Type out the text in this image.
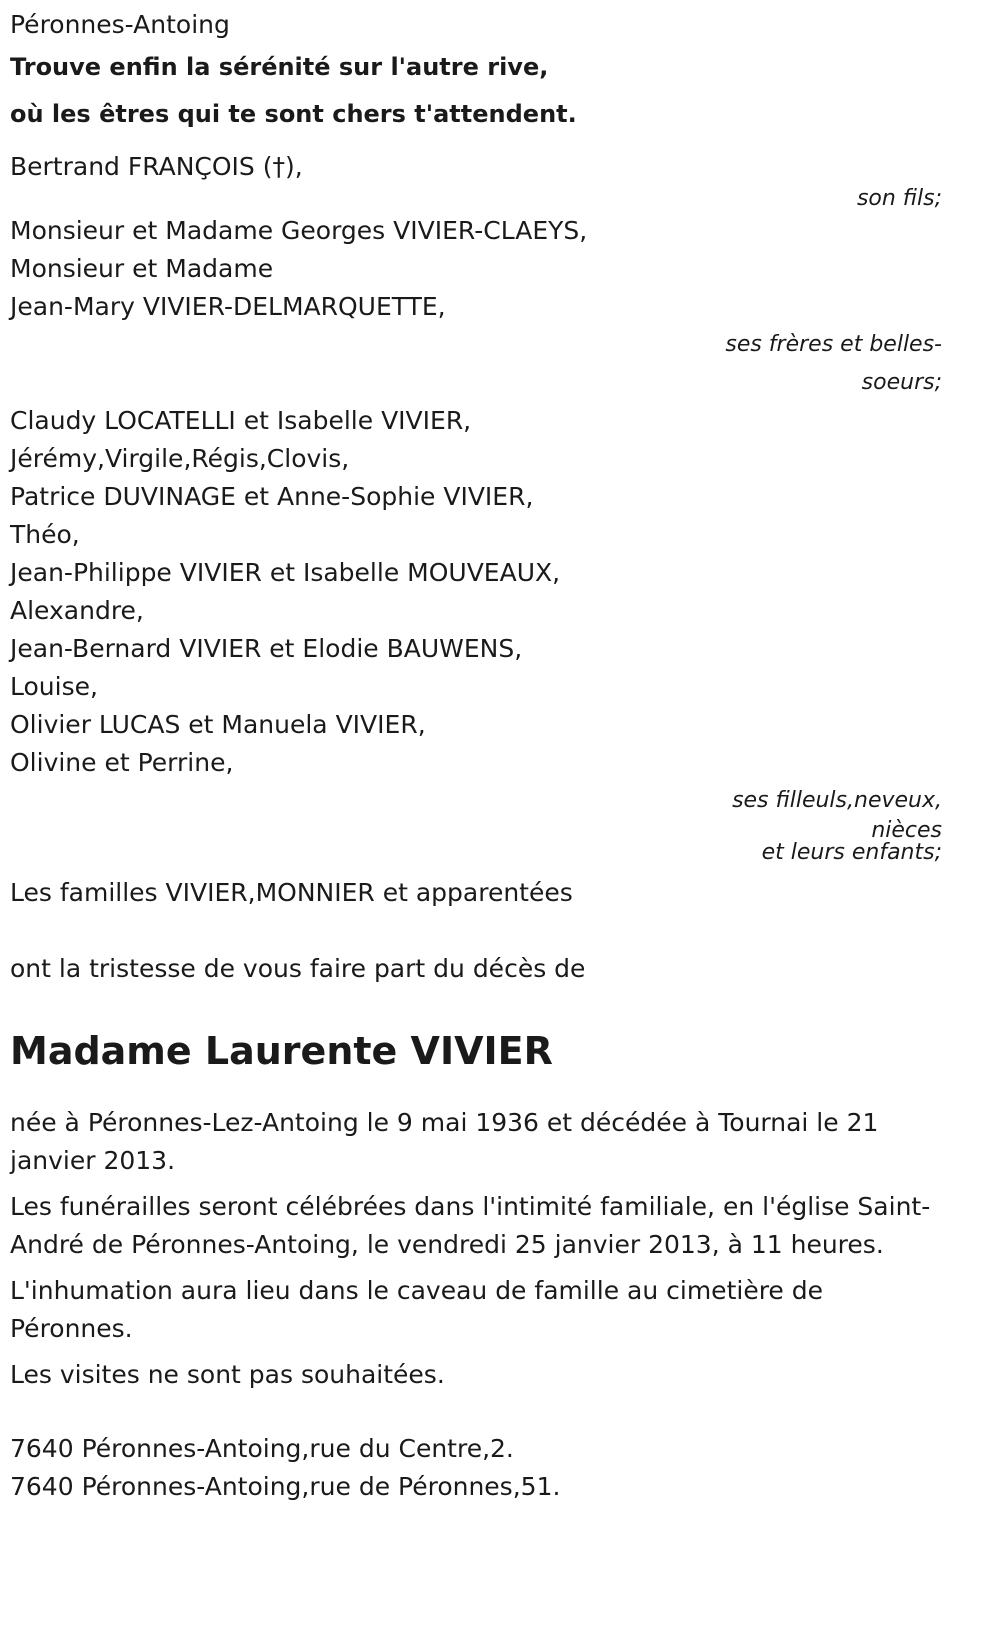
Péronnes-Antoing

Trouve enfin la sérénité sur l'autre rive,

où les êtres qui te sont chers t'attendent.

Bertrand FRANÇOIS (†),

son fils;

Monsieur et Madame Georges VIVIER-CLAEYS,

Monsieur et Madame

Jean-Mary VIVIER-DELMARQUETTE,

ses frères et belles-

soeurs;

Claudy LOCATELLI et Isabelle VIVIER,

Jérémy,Virgile,Régis,Clovis,

Patrice DUVINAGE et Anne-Sophie VIVIER,

Théo,

Jean-Philippe VIVIER et Isabelle MOUVEAUX,

Alexandre,

Jean-Bernard VIVIER et Elodie BAUWENS,

Louise,

Olivier LUCAS et Manuela VIVIER,

Olivine et Perrine,

ses filleuls,neveux,

nièces

et leurs enfants;

Les familles VIVIER,MONNIER et apparentées

ont la tristesse de vous faire part du décès de

Madame Laurente VIVIER

née à Péronnes-Lez-Antoing le 9 mai 1936 et décédée à Tournai le 21 janvier 2013.

Les funérailles seront célébrées dans l'intimité familiale, en l'église Saint-André de Péronnes-Antoing, le vendredi 25 janvier 2013, à 11 heures.

L'inhumation aura lieu dans le caveau de famille au cimetière de Péronnes.

Les visites ne sont pas souhaitées.

7640 Péronnes-Antoing,rue du Centre,2.

7640 Péronnes-Antoing,rue de Péronnes,51.
